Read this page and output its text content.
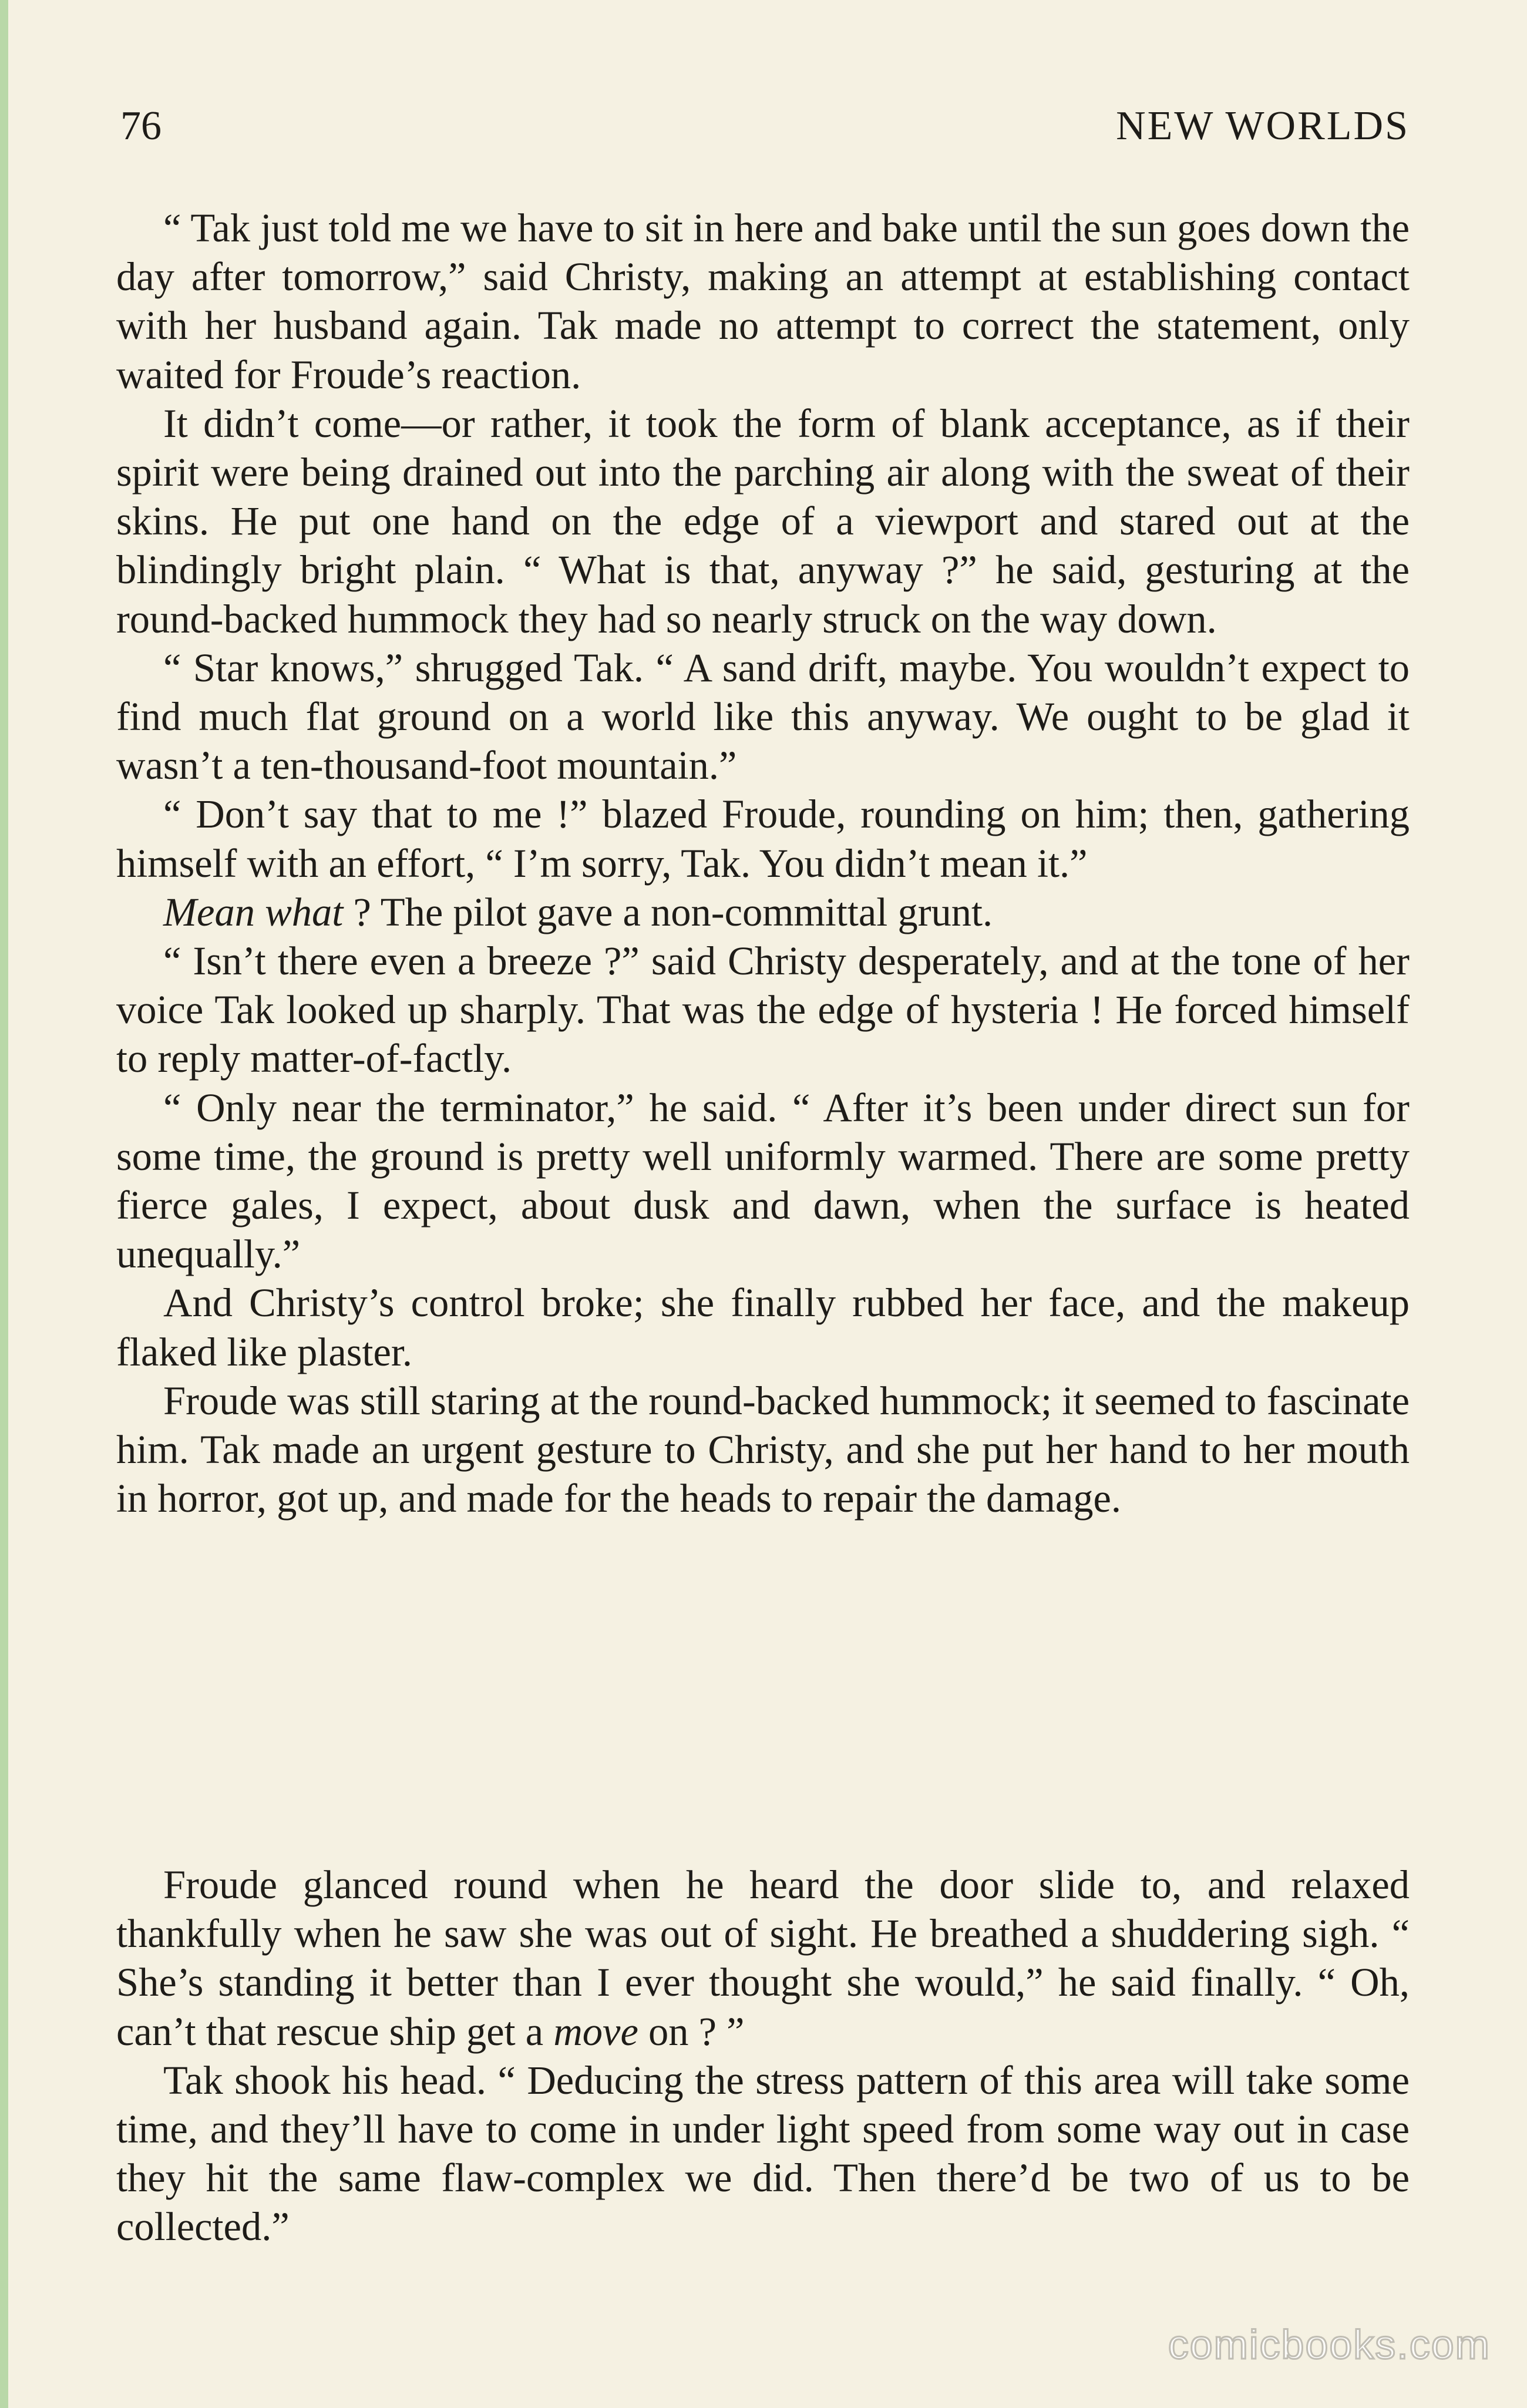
76	NEW WORLDS

“ Tak just told me we have to sit in here and bake until the sun goes down the day after tomorrow,” said Christy, making an attempt at establishing contact with her husband again. Tak made no attempt to correct the statement, only waited for Froude’s reaction.

It didn’t come—or rather, it took the form of blank acceptance, as if their spirit were being drained out into the parching air along with the sweat of their skins. He put one hand on the edge of a viewport and stared out at the blindingly bright plain. “ What is that, anyway ?” he said, gesturing at the round-backed hummock they had so nearly struck on the way down.

“ Star knows,” shrugged Tak. “ A sand drift, maybe. You wouldn’t expect to find much flat ground on a world like this anyway. We ought to be glad it wasn’t a ten-thousand-foot mountain.”

“ Don’t say that to me !” blazed Froude, rounding on him; then, gathering himself with an effort, “ I’m sorry, Tak. You didn’t mean it.”

Mean what ? The pilot gave a non-committal grunt.

“ Isn’t there even a breeze ?” said Christy desperately, and at the tone of her voice Tak looked up sharply. That was the edge of hysteria ! He forced himself to reply matter-of-factly.

“ Only near the terminator,” he said. “ After it’s been under direct sun for some time, the ground is pretty well uniformly warmed. There are some pretty fierce gales, I expect, about dusk and dawn, when the surface is heated unequally.”

And Christy’s control broke; she finally rubbed her face, and the makeup flaked like plaster.

Froude was still staring at the round-backed hummock; it seemed to fascinate him. Tak made an urgent gesture to Christy, and she put her hand to her mouth in horror, got up, and made for the heads to repair the damage.

Froude glanced round when he heard the door slide to, and relaxed thankfully when he saw she was out of sight. He breathed a shuddering sigh. “ She’s standing it better than I ever thought she would,” he said finally. “ Oh, can’t that rescue ship get a move on ? ”

Tak shook his head. “ Deducing the stress pattern of this area will take some time, and they’ll have to come in under light speed from some way out in case they hit the same flaw-complex we did. Then there’d be two of us to be collected.”

comicbooks.com
